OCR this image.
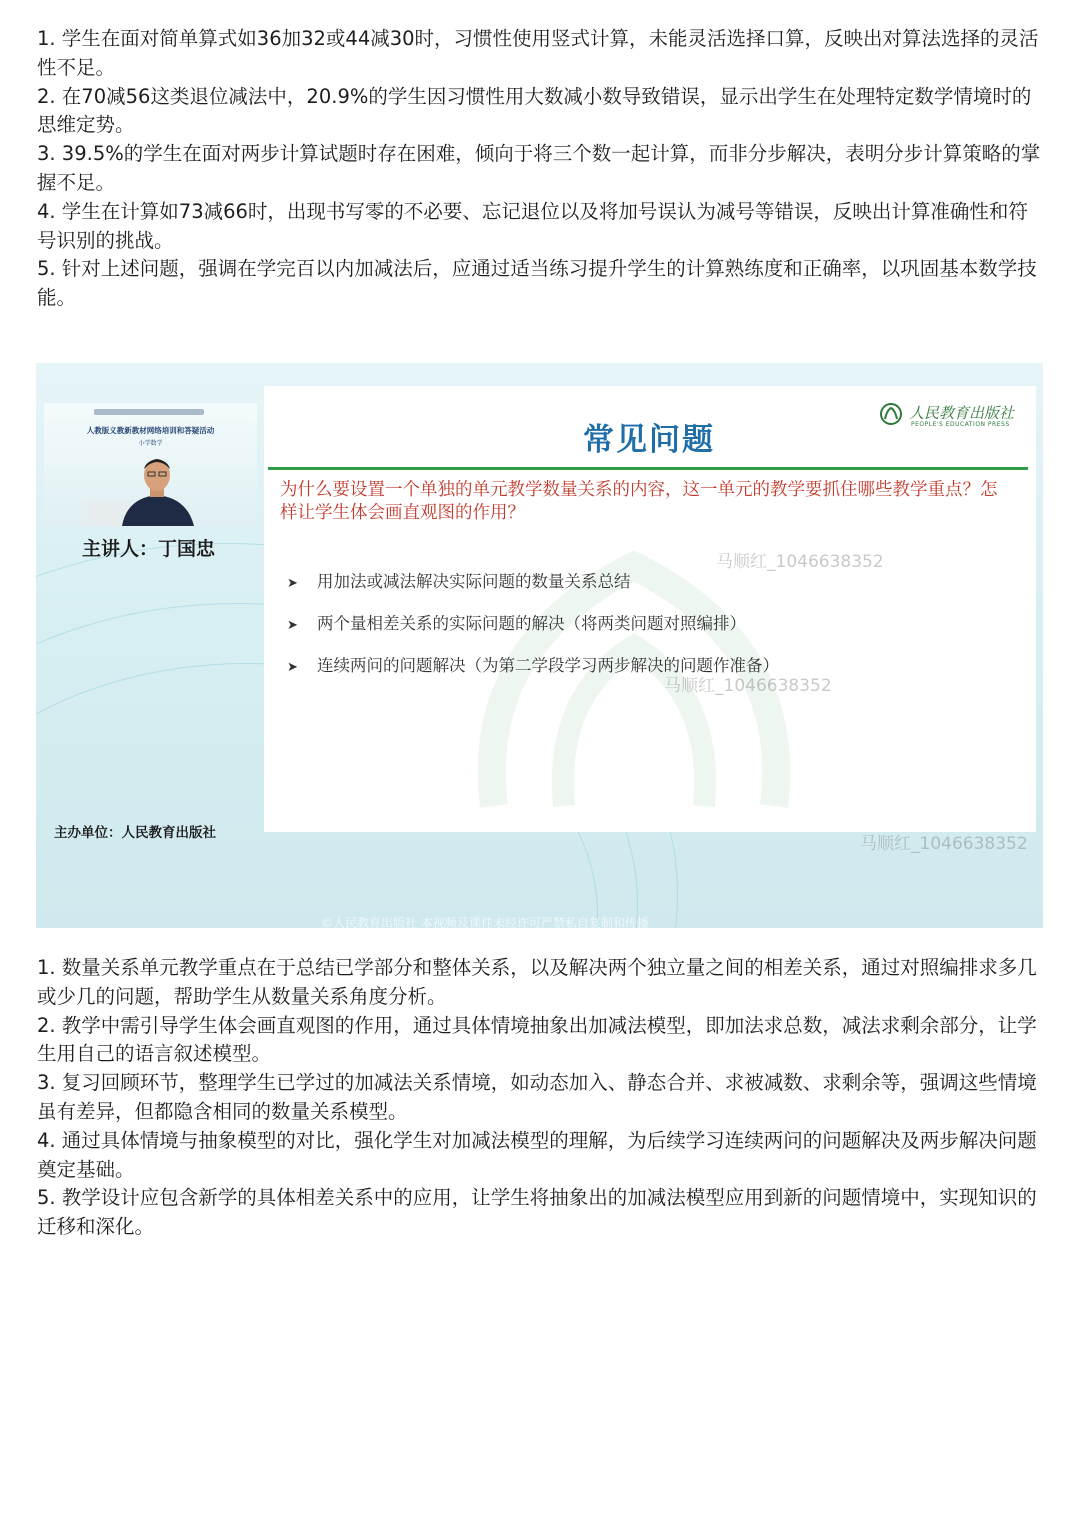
1. 学生在面对简单算式如36加32或44减30时，习惯性使用竖式计算，未能灵活选择口算，反映出对算法选择的灵活性不足。

2. 在70减56这类退位减法中，20.9%的学生因习惯性用大数减小数导致错误，显示出学生在处理特定数学情境时的思维定势。

3. 39.5%的学生在面对两步计算试题时存在困难，倾向于将三个数一起计算，而非分步解决，表明分步计算策略的掌握不足。

4. 学生在计算如73减66时，出现书写零的不必要、忘记退位以及将加号误认为减号等错误，反映出计算准确性和符号识别的挑战。

5. 针对上述问题，强调在学完百以内加减法后，应通过适当练习提升学生的计算熟练度和正确率，以巩固基本数学技能。

人教版义教新教材网络培训和答疑活动
小学数学
主讲人：丁国忠
主办单位：人民教育出版社
人民教育出版社
PEOPLE'S EDUCATION PRESS
常见问题
为什么要设置一个单独的单元教学数量关系的内容，这一单元的教学要抓住哪些教学重点？怎样让学生体会画直观图的作用？
➤ 用加法或减法解决实际问题的数量关系总结
➤ 两个量相差关系的实际问题的解决（将两类问题对照编排）
➤ 连续两问的问题解决（为第二学段学习两步解决的问题作准备）
马顺红_1046638352
马顺红_1046638352
马顺红_1046638352
©人民教育出版社 本视频及课件未经许可严禁私自复制和传播

1. 数量关系单元教学重点在于总结已学部分和整体关系，以及解决两个独立量之间的相差关系，通过对照编排求多几或少几的问题，帮助学生从数量关系角度分析。

2. 教学中需引导学生体会画直观图的作用，通过具体情境抽象出加减法模型，即加法求总数，减法求剩余部分，让学生用自己的语言叙述模型。

3. 复习回顾环节，整理学生已学过的加减法关系情境，如动态加入、静态合并、求被减数、求剩余等，强调这些情境虽有差异，但都隐含相同的数量关系模型。

4. 通过具体情境与抽象模型的对比，强化学生对加减法模型的理解，为后续学习连续两问的问题解决及两步解决问题奠定基础。

5. 教学设计应包含新学的具体相差关系中的应用，让学生将抽象出的加减法模型应用到新的问题情境中，实现知识的迁移和深化。
